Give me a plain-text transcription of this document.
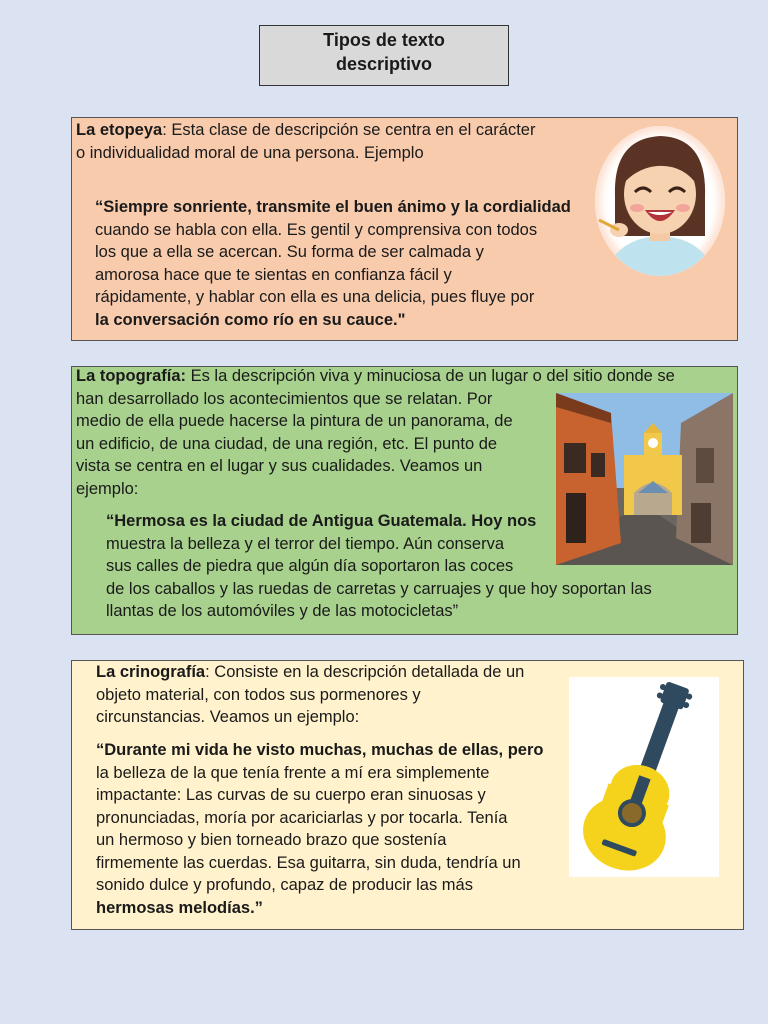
Tipos de texto
descriptivo

La etopeya: Esta clase de descripción se centra en el carácter
o individualidad moral de una persona. Ejemplo

“Siempre sonriente, transmite el buen ánimo y la cordialidad
cuando se habla con ella. Es gentil y comprensiva con todos
los que a ella se acercan. Su forma de ser calmada y
amorosa hace que te sientas en confianza fácil y
rápidamente, y hablar con ella es una delicia, pues fluye por
la conversación como río en su cauce."

La topografía: Es la descripción viva y minuciosa de un lugar o del sitio donde se
han desarrollado los acontecimientos que se relatan. Por
medio de ella puede hacerse la pintura de un panorama, de
un edificio, de una ciudad, de una región, etc. El punto de
vista se centra en el lugar y sus cualidades. Veamos un
ejemplo:

“Hermosa es la ciudad de Antigua Guatemala. Hoy nos
muestra la belleza y el terror del tiempo. Aún conserva
sus calles de piedra que algún día soportaron las coces
de los caballos y las ruedas de carretas y carruajes y que hoy soportan las
llantas de los automóviles y de las motocicletas”

La crinografía: Consiste en la descripción detallada de un
objeto material, con todos sus pormenores y
circunstancias. Veamos un ejemplo:

“Durante mi vida he visto muchas, muchas de ellas, pero
la belleza de la que tenía frente a mí era simplemente
impactante: Las curvas de su cuerpo eran sinuosas y
pronunciadas, moría por acariciarlas y por tocarla. Tenía
un hermoso y bien torneado brazo que sostenía
firmemente las cuerdas. Esa guitarra, sin duda, tendría un
sonido dulce y profundo, capaz de producir las más
hermosas melodías.”
